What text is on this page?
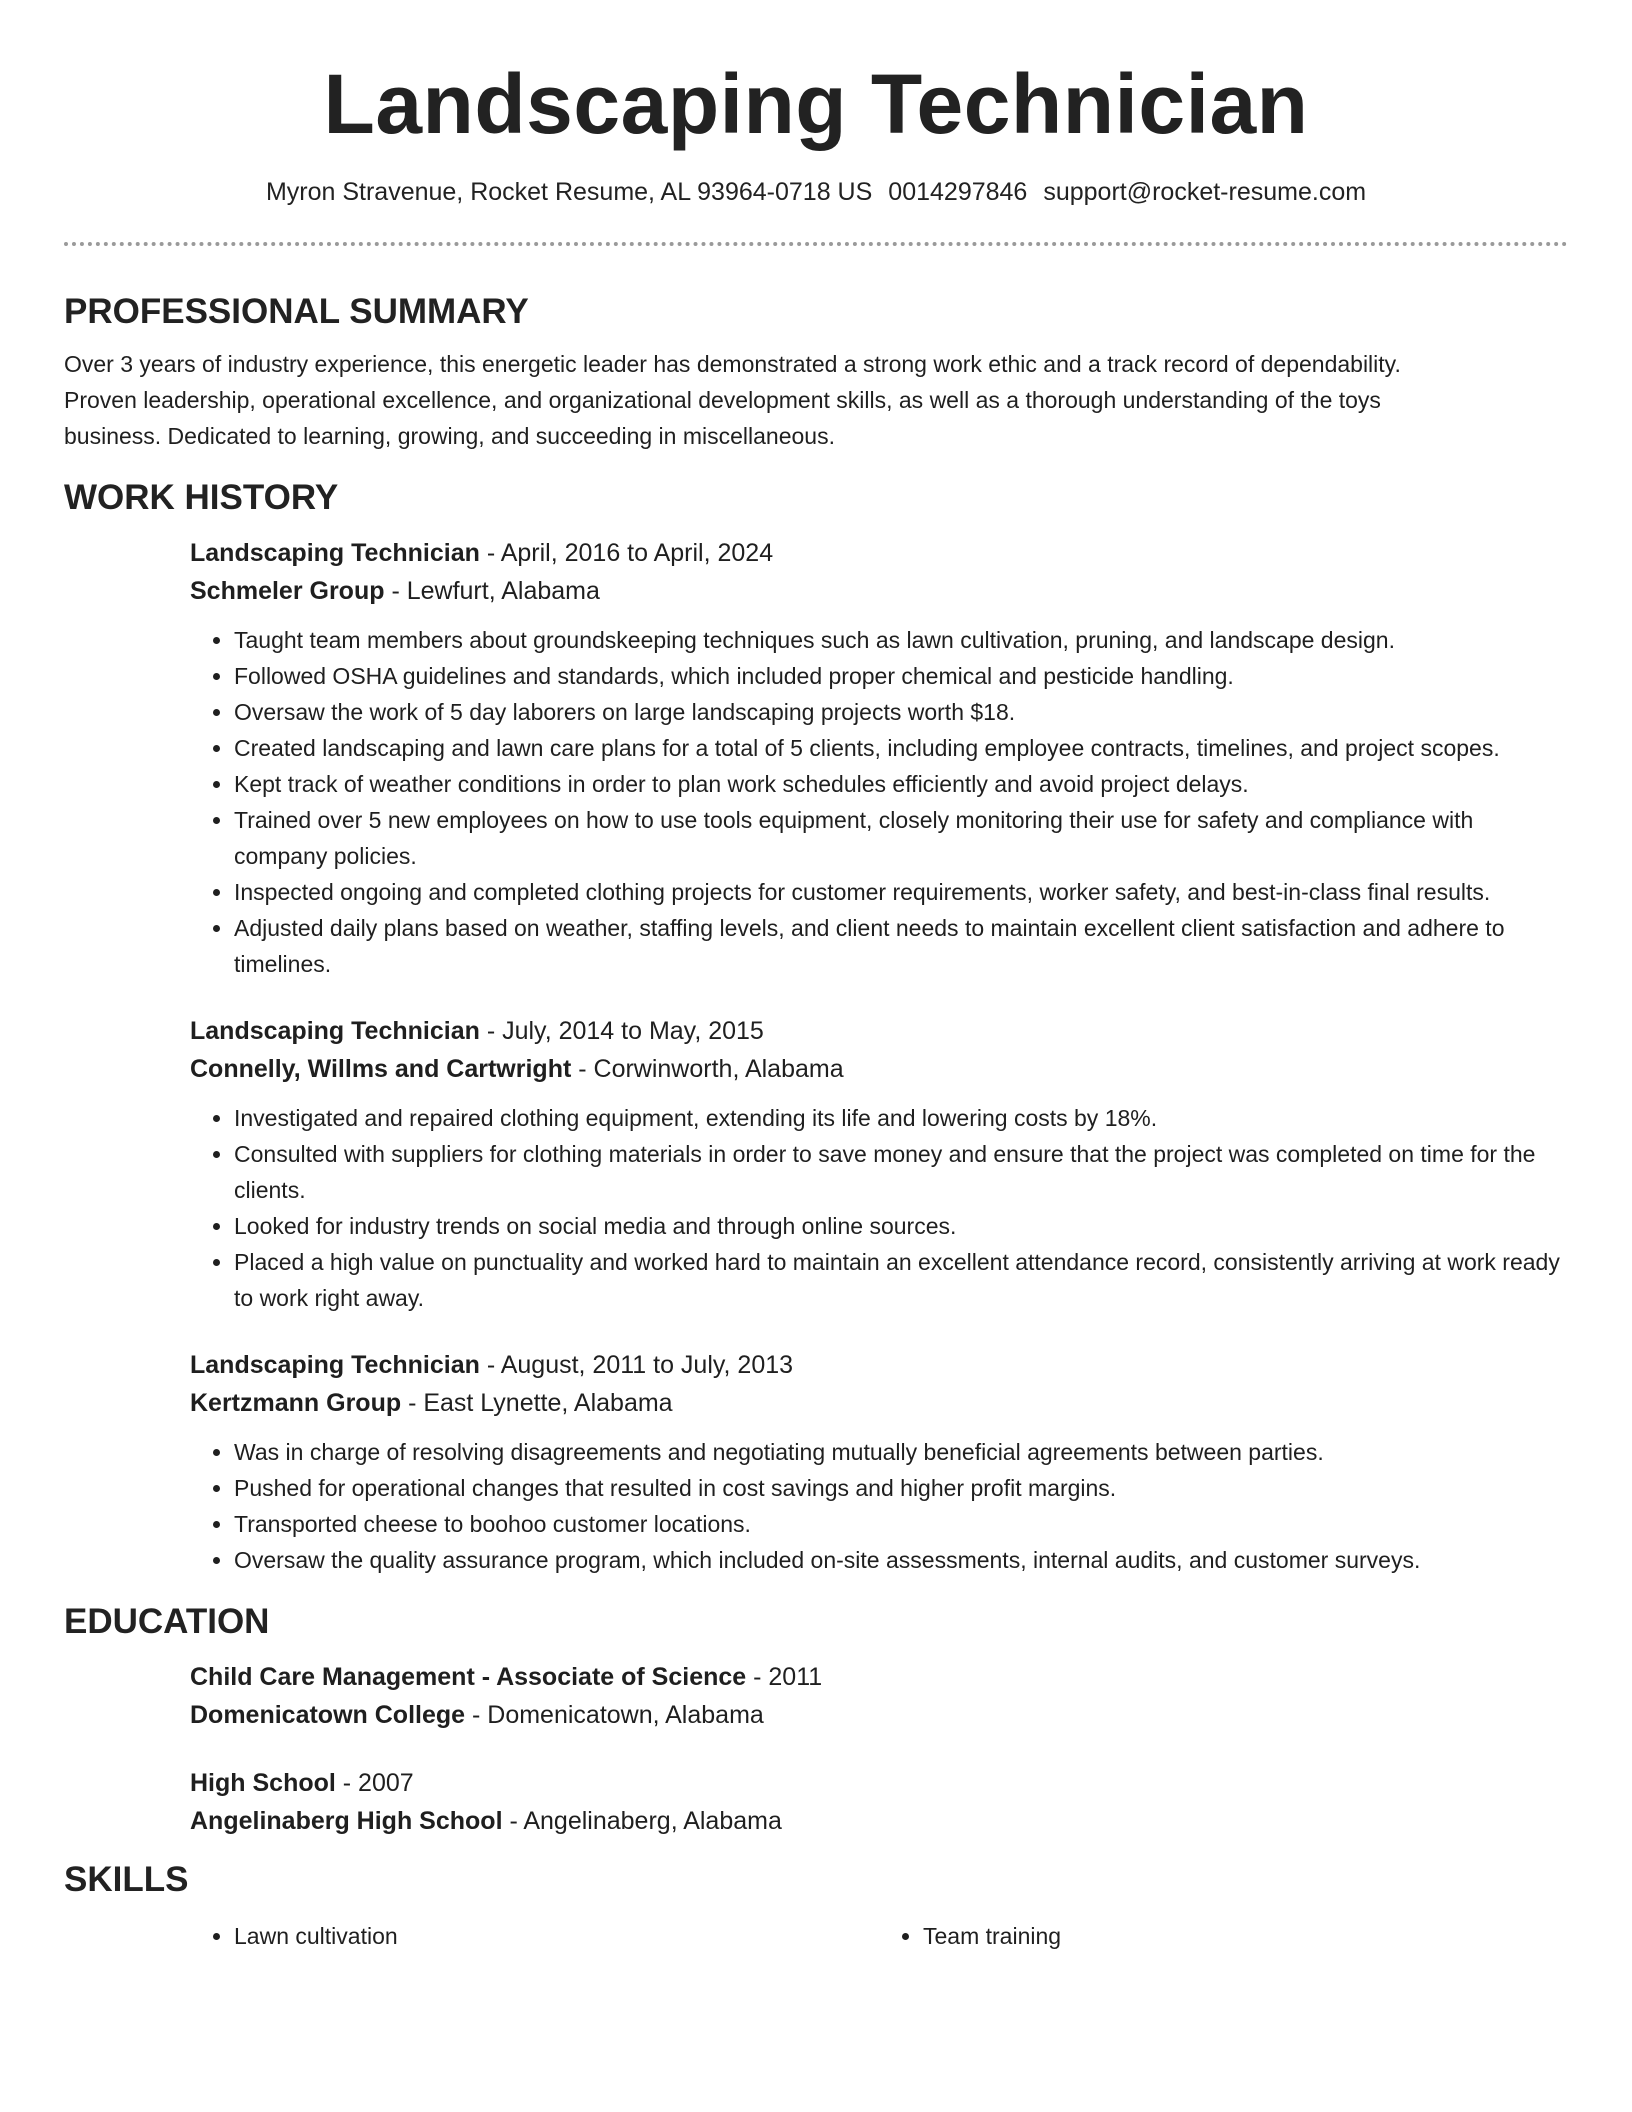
Landscaping Technician
Myron Stravenue, Rocket Resume, AL 93964-0718 US 0014297846 support@rocket-resume.com
PROFESSIONAL SUMMARY

Over 3 years of industry experience, this energetic leader has demonstrated a strong work ethic and a track record of dependability. Proven leadership, operational excellence, and organizational development skills, as well as a thorough understanding of the toys business. Dedicated to learning, growing, and succeeding in miscellaneous.

WORK HISTORY
Landscaping Technician - April, 2016 to April, 2024
Schmeler Group - Lewfurt, Alabama
• Taught team members about groundskeeping techniques such as lawn cultivation, pruning, and landscape design.
• Followed OSHA guidelines and standards, which included proper chemical and pesticide handling.
• Oversaw the work of 5 day laborers on large landscaping projects worth $18.
• Created landscaping and lawn care plans for a total of 5 clients, including employee contracts, timelines, and project scopes.
• Kept track of weather conditions in order to plan work schedules efficiently and avoid project delays.
• Trained over 5 new employees on how to use tools equipment, closely monitoring their use for safety and compliance with company policies.
• Inspected ongoing and completed clothing projects for customer requirements, worker safety, and best-in-class final results.
• Adjusted daily plans based on weather, staffing levels, and client needs to maintain excellent client satisfaction and adhere to timelines.
Landscaping Technician - July, 2014 to May, 2015
Connelly, Willms and Cartwright - Corwinworth, Alabama
• Investigated and repaired clothing equipment, extending its life and lowering costs by 18%.
• Consulted with suppliers for clothing materials in order to save money and ensure that the project was completed on time for the clients.
• Looked for industry trends on social media and through online sources.
• Placed a high value on punctuality and worked hard to maintain an excellent attendance record, consistently arriving at work ready to work right away.
Landscaping Technician - August, 2011 to July, 2013
Kertzmann Group - East Lynette, Alabama
• Was in charge of resolving disagreements and negotiating mutually beneficial agreements between parties.
• Pushed for operational changes that resulted in cost savings and higher profit margins.
• Transported cheese to boohoo customer locations.
• Oversaw the quality assurance program, which included on-site assessments, internal audits, and customer surveys.
EDUCATION
Child Care Management - Associate of Science - 2011
Domenicatown College - Domenicatown, Alabama
High School - 2007
Angelinaberg High School - Angelinaberg, Alabama
SKILLS
• Lawn cultivation
•	Team training
